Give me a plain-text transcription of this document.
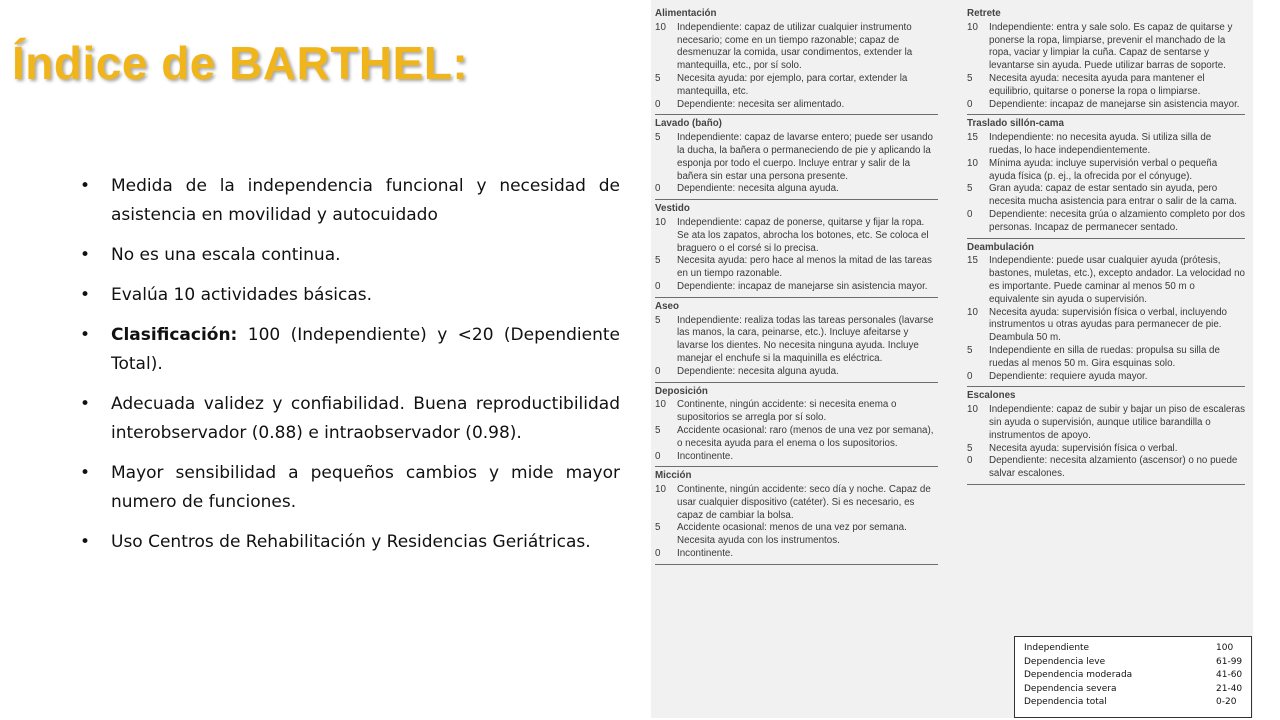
Índice de BARTHEL:
• Medida de la independencia funcional y necesidad de asistencia en movilidad y autocuidado
• No es una escala continua.
• Evalúa 10 actividades básicas.
• Clasificación: 100 (Independiente) y <20 (Dependiente Total).
• Adecuada validez y confiabilidad. Buena reproductibilidad interobservador (0.88) e intraobservador (0.98).
• Mayor sensibilidad a pequeños cambios y mide mayor numero de funciones.
• Uso Centros de Rehabilitación y Residencias Geriátricas.
Alimentación
10	Independiente: capaz de utilizar cualquier instrumento necesario; come en un tiempo razonable; capaz de desmenuzar la comida, usar condimentos, extender la mantequilla, etc., por sí solo.
5	Necesita ayuda: por ejemplo, para cortar, extender la mantequilla, etc.
0	Dependiente: necesita ser alimentado.
Lavado (baño)
5	Independiente: capaz de lavarse entero; puede ser usando la ducha, la bañera o permaneciendo de pie y aplicando la esponja por todo el cuerpo. Incluye entrar y salir de la bañera sin estar una persona presente.
0	Dependiente: necesita alguna ayuda.
Vestido
10	Independiente: capaz de ponerse, quitarse y fijar la ropa. Se ata los zapatos, abrocha los botones, etc. Se coloca el braguero o el corsé si lo precisa.
5	Necesita ayuda: pero hace al menos la mitad de las tareas en un tiempo razonable.
0	Dependiente: incapaz de manejarse sin asistencia mayor.
Aseo
5	Independiente: realiza todas las tareas personales (lavarse las manos, la cara, peinarse, etc.). Incluye afeitarse y lavarse los dientes. No necesita ninguna ayuda. Incluye manejar el enchufe si la maquinilla es eléctrica.
0	Dependiente: necesita alguna ayuda.
Deposición
10	Continente, ningún accidente: si necesita enema o supositorios se arregla por sí solo.
5	Accidente ocasional: raro (menos de una vez por semana), o necesita ayuda para el enema o los supositorios.
0	Incontinente.
Micción
10	Continente, ningún accidente: seco día y noche. Capaz de usar cualquier dispositivo (catéter). Si es necesario, es capaz de cambiar la bolsa.
5	Accidente ocasional: menos de una vez por semana. Necesita ayuda con los instrumentos.
0	Incontinente.
Retrete
10	Independiente: entra y sale solo. Es capaz de quitarse y ponerse la ropa, limpiarse, prevenir el manchado de la ropa, vaciar y limpiar la cuña. Capaz de sentarse y levantarse sin ayuda. Puede utilizar barras de soporte.
5	Necesita ayuda: necesita ayuda para mantener el equilibrio, quitarse o ponerse la ropa o limpiarse.
0	Dependiente: incapaz de manejarse sin asistencia mayor.
Traslado sillón-cama
15	Independiente: no necesita ayuda. Si utiliza silla de ruedas, lo hace independientemente.
10	Mínima ayuda: incluye supervisión verbal o pequeña ayuda física (p. ej., la ofrecida por el cónyuge).
5	Gran ayuda: capaz de estar sentado sin ayuda, pero necesita mucha asistencia para entrar o salir de la cama.
0	Dependiente: necesita grúa o alzamiento completo por dos personas. Incapaz de permanecer sentado.
Deambulación
15	Independiente: puede usar cualquier ayuda (prótesis, bastones, muletas, etc.), excepto andador. La velocidad no es importante. Puede caminar al menos 50 m o equivalente sin ayuda o supervisión.
10	Necesita ayuda: supervisión física o verbal, incluyendo instrumentos u otras ayudas para permanecer de pie. Deambula 50 m.
5	Independiente en silla de ruedas: propulsa su silla de ruedas al menos 50 m. Gira esquinas solo.
0	Dependiente: requiere ayuda mayor.
Escalones
10	Independiente: capaz de subir y bajar un piso de escaleras sin ayuda o supervisión, aunque utilice barandilla o instrumentos de apoyo.
5	Necesita ayuda: supervisión física o verbal.
0	Dependiente: necesita alzamiento (ascensor) o no puede salvar escalones.
Independiente	100
Dependencia leve	61-99
Dependencia moderada	41-60
Dependencia severa	21-40
Dependencia total	0-20
